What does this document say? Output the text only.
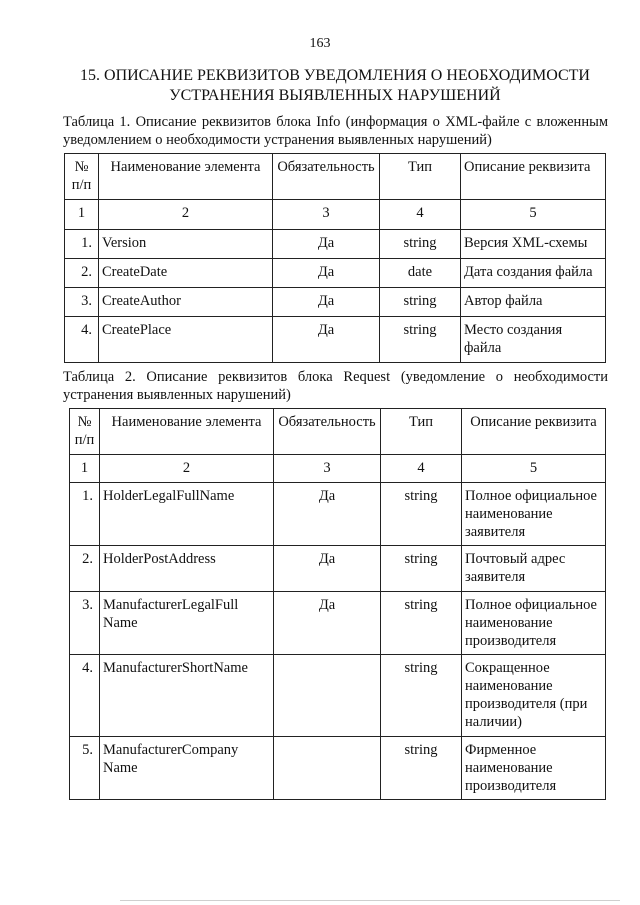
163
15. ОПИСАНИЕ РЕКВИЗИТОВ УВЕДОМЛЕНИЯ О НЕОБХОДИМОСТИ УСТРАНЕНИЯ ВЫЯВЛЕННЫХ НАРУШЕНИЙ
Таблица 1. Описание реквизитов блока Info (информация о XML-файле с вложенным уведомлением о необходимости устранения выявленных нарушений)
№ п/п	Наименование элемента	Обязательность	Тип	Описание реквизита
1	2	3	4	5
1.	Version	Да	string	Версия XML-схемы
2.	CreateDate	Да	date	Дата создания файла
3.	CreateAuthor	Да	string	Автор файла
4.	CreatePlace	Да	string	Место создания файла
Таблица 2. Описание реквизитов блока Request (уведомление о необходимости устранения выявленных нарушений)
№ п/п	Наименование элемента	Обязательность	Тип	Описание реквизита
1	2	3	4	5
1.	HolderLegalFullName	Да	string	Полное официальное наименование заявителя
2.	HolderPostAddress	Да	string	Почтовый адрес заявителя
3.	ManufacturerLegalFull Name	Да	string	Полное официальное наименование производителя
4.	ManufacturerShortName		string	Сокращенное наименование производителя (при наличии)
5.	ManufacturerCompany Name		string	Фирменное наименование производителя
